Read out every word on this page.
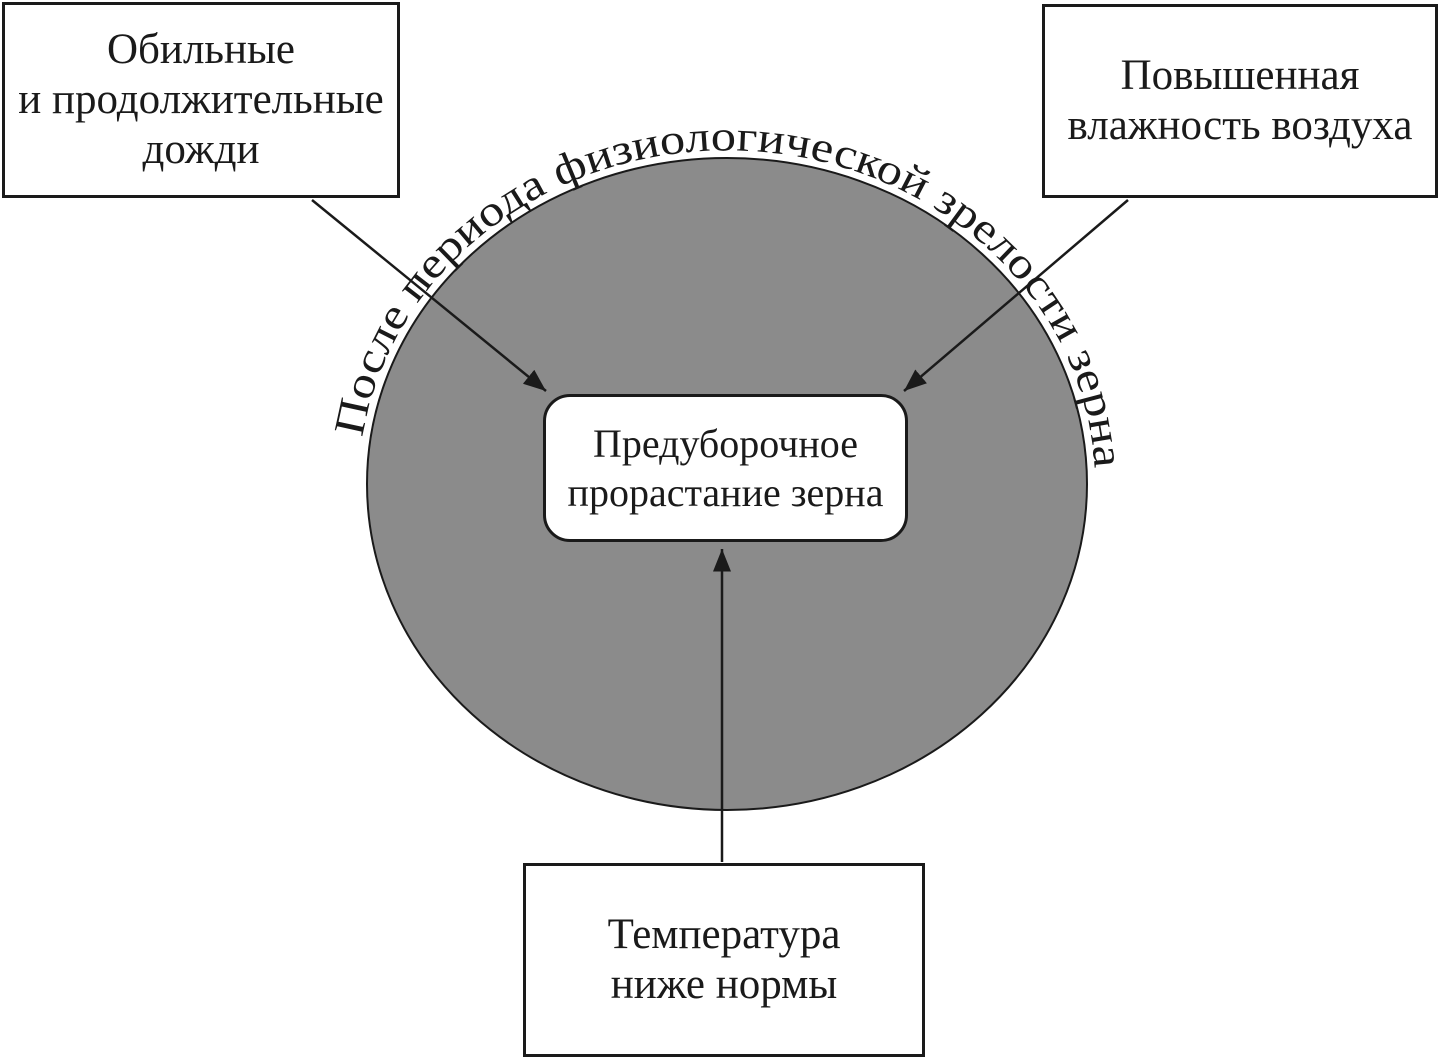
После периода физиологической зрелости зерна
Обильные
и продолжительные
дожди
Повышенная
влажность воздуха
Температура
ниже нормы
Предуборочное
прорастание зерна
